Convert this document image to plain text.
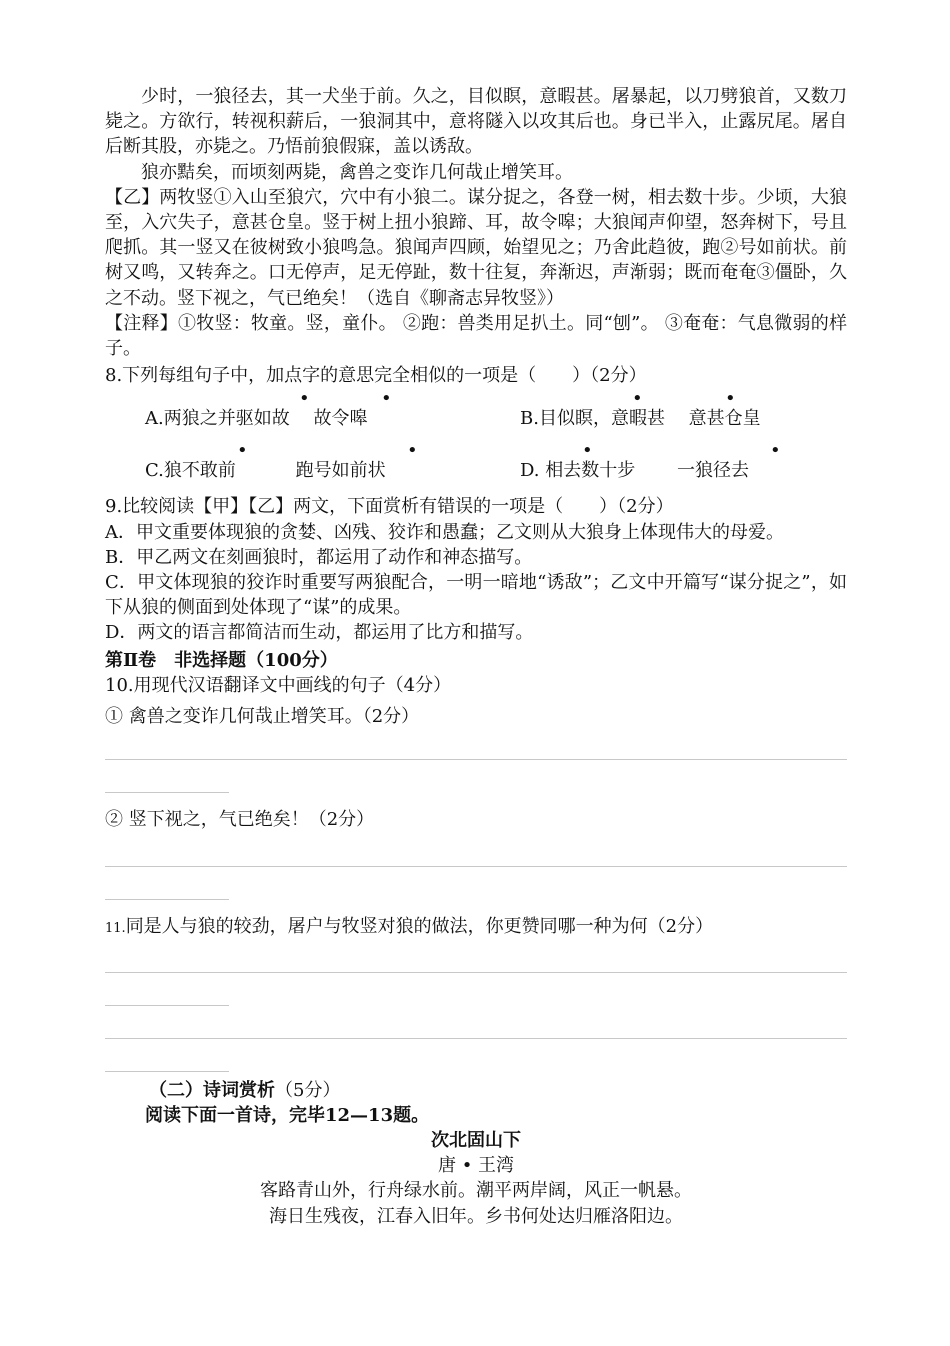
少时，一狼径去，其一犬坐于前。久之，目似瞑，意暇甚。屠暴起，以刀劈狼首，又数刀毙之。方欲行，转视积薪后，一狼洞其中，意将隧入以攻其后也。身已半入，止露尻尾。屠自后断其股，亦毙之。乃悟前狼假寐，盖以诱敌。

狼亦黠矣，而顷刻两毙，禽兽之变诈几何哉止增笑耳。

【乙】两牧竖①入山至狼穴，穴中有小狼二。谋分捉之，各登一树，相去数十步。少顷，大狼至，入穴失子，意甚仓皇。竖于树上扭小狼蹄、耳，故令嗥；大狼闻声仰望，怒奔树下，号且爬抓。其一竖又在彼树致小狼鸣急。狼闻声四顾，始望见之；乃舍此趋彼，跑②号如前状。前树又鸣，又转奔之。口无停声，足无停趾，数十往复，奔渐迟，声渐弱；既而奄奄③僵卧，久之不动。竖下视之，气已绝矣！（选自《聊斋志异牧竖》）

【注释】①牧竖：牧童。竖，童仆。 ②跑：兽类用足扒土。同“刨”。 ③奄奄：气息微弱的样子。

8.下列每组句子中，加点字的意思完全相似的一项是（　　）（2分）

•	•
A.两狼之并驱如故　 故令嗥
•	•
B.目似瞑，意暇甚　 意甚仓皇
•	•
C.狼不敢前　　　 跑号如前状
•	•
D. 相去数十步　　 一狼径去

9.比较阅读【甲】【乙】两文，下面赏析有错误的一项是（　　）（2分）

A．甲文重要体现狼的贪婪、凶残、狡诈和愚蠢；乙文则从大狼身上体现伟大的母爱。

B．甲乙两文在刻画狼时，都运用了动作和神态描写。

C．甲文体现狼的狡诈时重要写两狼配合，一明一暗地“诱敌”；乙文中开篇写“谋分捉之”，如下从狼的侧面到处体现了“谋”的成果。

D．两文的语言都简洁而生动，都运用了比方和描写。

第Ⅱ卷　非选择题（100分）

10.用现代汉语翻译文中画线的句子（4分）

① 禽兽之变诈几何哉止增笑耳。（2分）

② 竖下视之，气已绝矣！（2分）

11.同是人与狼的较劲，屠户与牧竖对狼的做法，你更赞同哪一种为何（2分）

（二）诗词赏析（5分）

阅读下面一首诗，完毕12—13题。

次北固山下

唐 • 王湾

客路青山外，行舟绿水前。潮平两岸阔，风正一帆悬。

海日生残夜，江春入旧年。乡书何处达归雁洛阳边。
